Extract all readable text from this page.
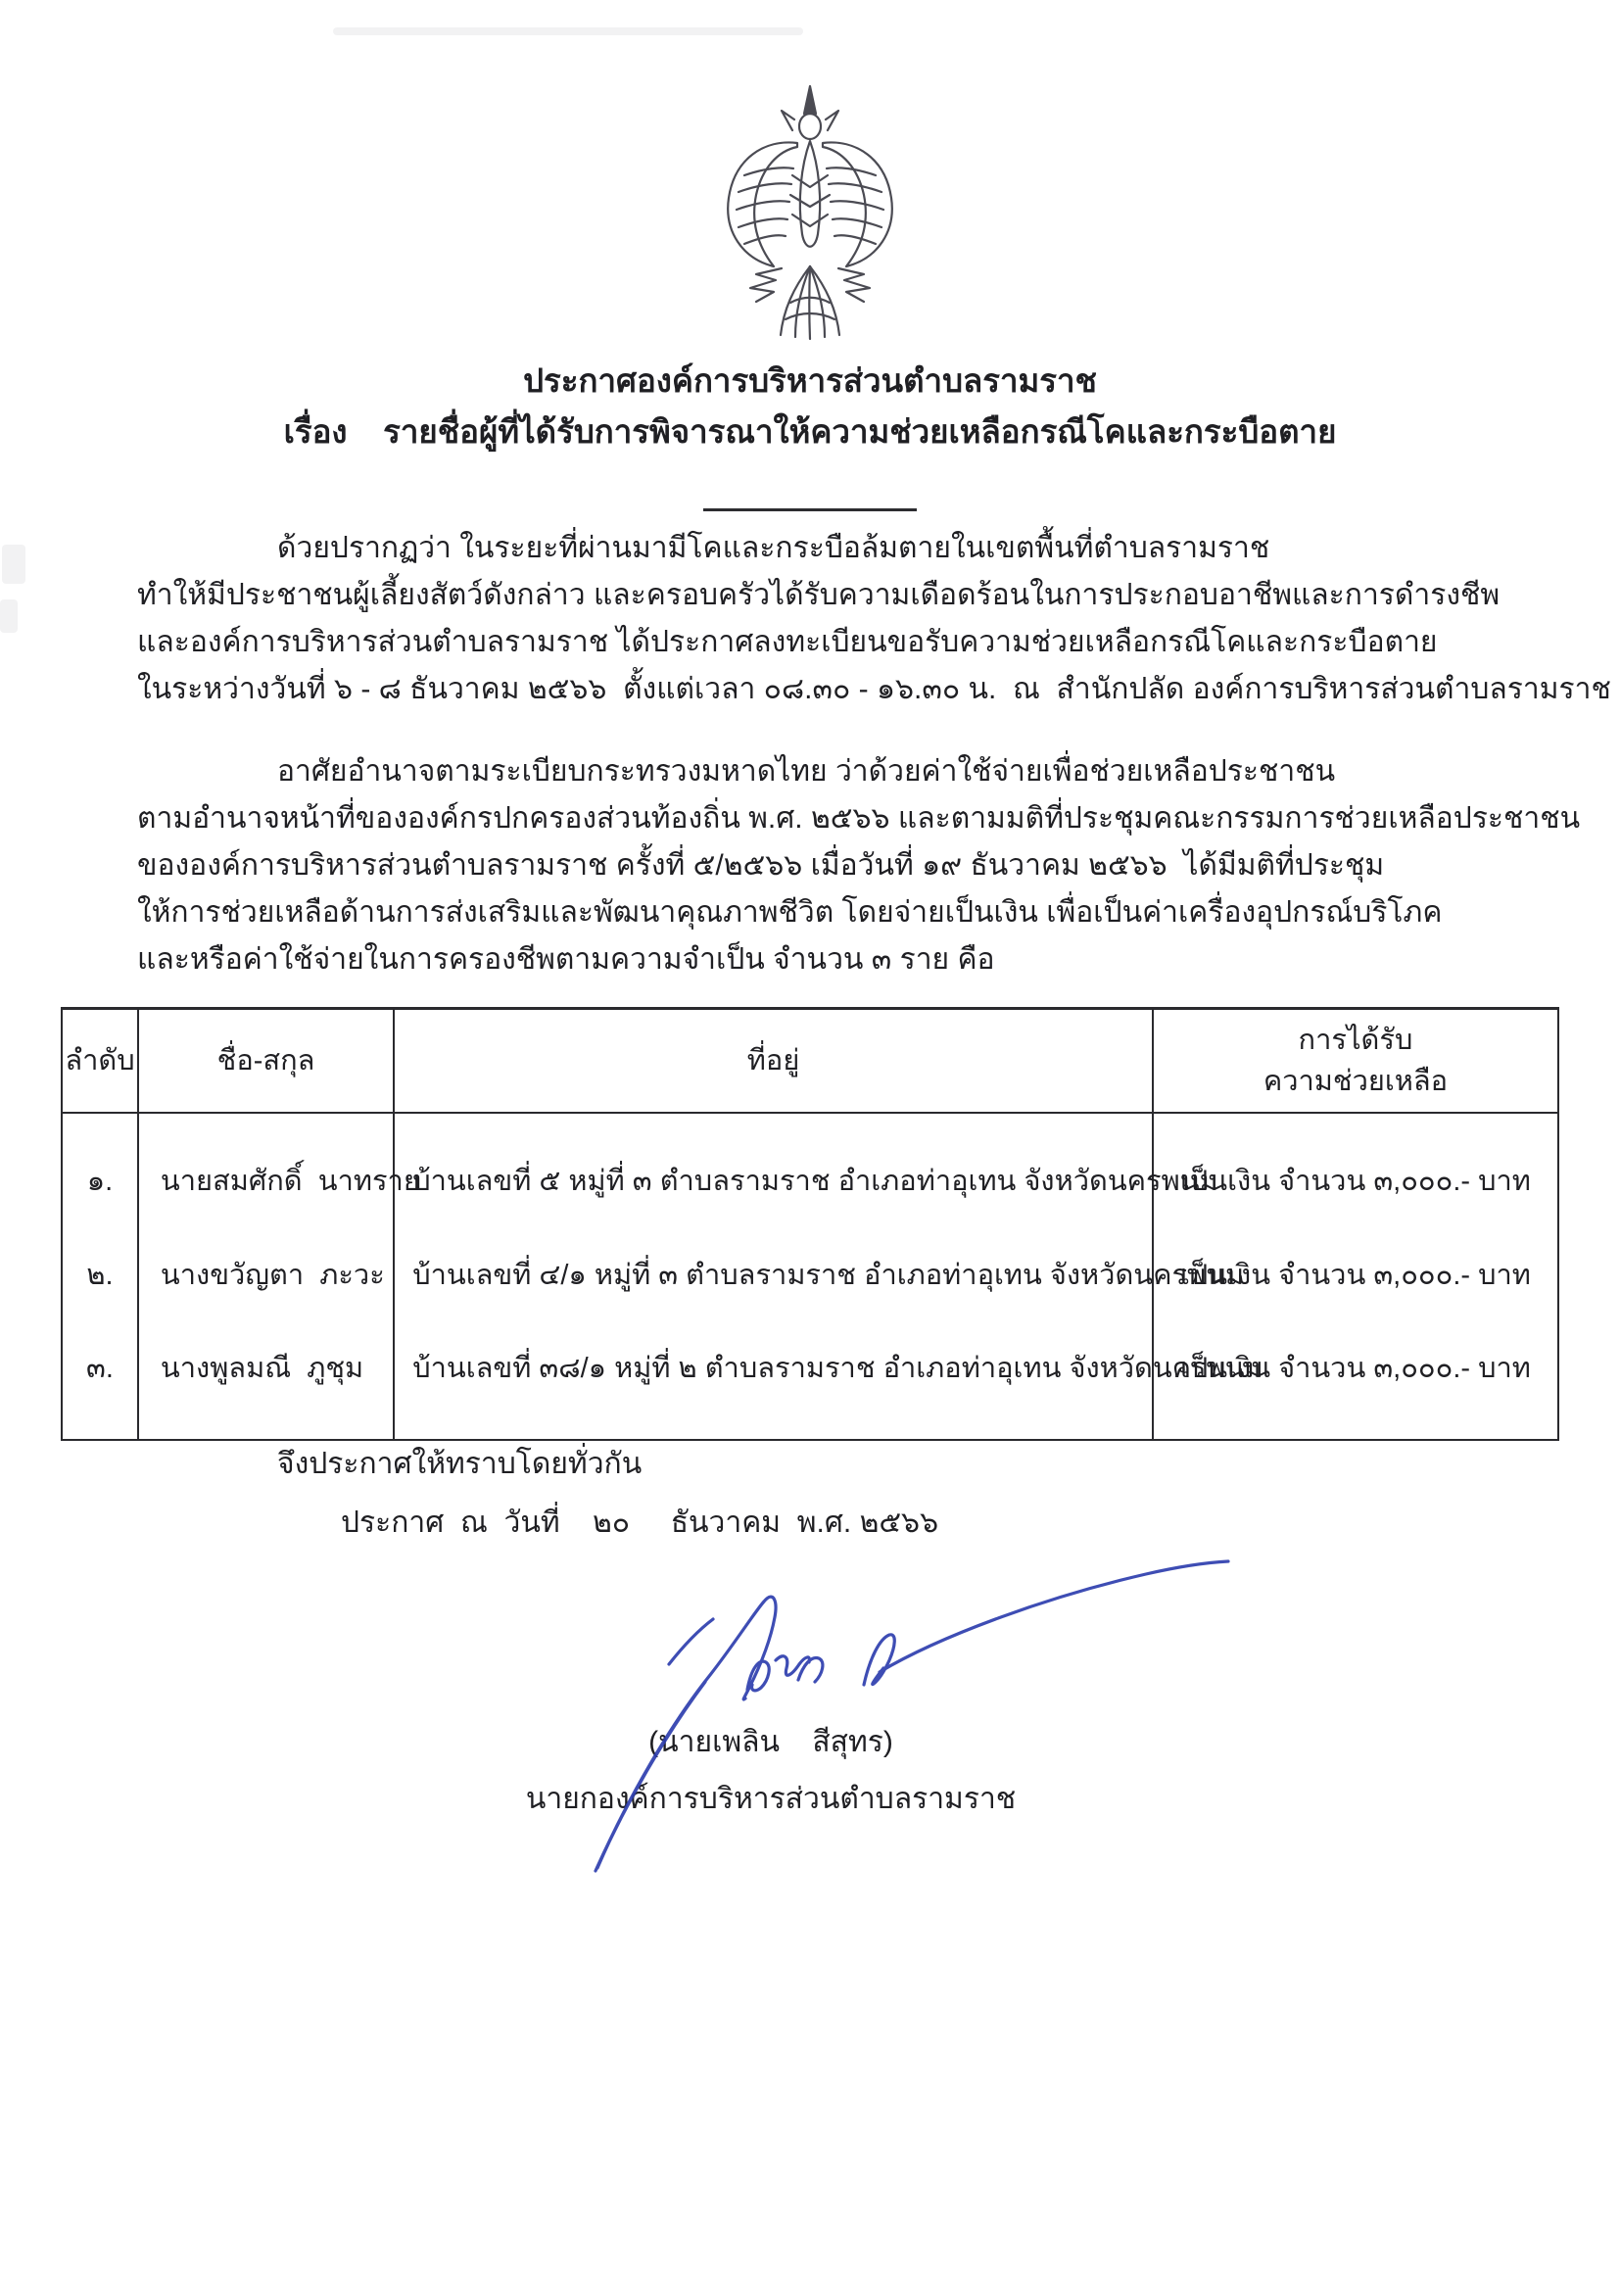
ประกาศองค์การบริหารส่วนตำบลรามราช
เรื่อง    รายชื่อผู้ที่ได้รับการพิจารณาให้ความช่วยเหลือกรณีโคและกระบือตาย
ด้วยปรากฏว่า ในระยะที่ผ่านมามีโคและกระบือล้มตายในเขตพื้นที่ตำบลรามราช
ทำให้มีประชาชนผู้เลี้ยงสัตว์ดังกล่าว และครอบครัวได้รับความเดือดร้อนในการประกอบอาชีพและการดำรงชีพ
และองค์การบริหารส่วนตำบลรามราช ได้ประกาศลงทะเบียนขอรับความช่วยเหลือกรณีโคและกระบือตาย
ในระหว่างวันที่ ๖ - ๘ ธันวาคม ๒๕๖๖  ตั้งแต่เวลา ๐๘.๓๐ - ๑๖.๓๐ น.  ณ  สำนักปลัด องค์การบริหารส่วนตำบลรามราช
อาศัยอำนาจตามระเบียบกระทรวงมหาดไทย ว่าด้วยค่าใช้จ่ายเพื่อช่วยเหลือประชาชน
ตามอำนาจหน้าที่ขององค์กรปกครองส่วนท้องถิ่น พ.ศ. ๒๕๖๖ และตามมติที่ประชุมคณะกรรมการช่วยเหลือประชาชน
ขององค์การบริหารส่วนตำบลรามราช ครั้งที่ ๕/๒๕๖๖ เมื่อวันที่ ๑๙ ธันวาคม ๒๕๖๖  ได้มีมติที่ประชุม
ให้การช่วยเหลือด้านการส่งเสริมและพัฒนาคุณภาพชีวิต โดยจ่ายเป็นเงิน เพื่อเป็นค่าเครื่องอุปกรณ์บริโภค
และหรือค่าใช้จ่ายในการครองชีพตามความจำเป็น จำนวน ๓ ราย คือ
ลำดับ	ชื่อ-สกุล	ที่อยู่	การได้รับ
ความช่วยเหลือ

๑.	นายสมศักดิ์  นาทราย	บ้านเลขที่ ๕ หมู่ที่ ๓ ตำบลรามราช อำเภอท่าอุเทน จังหวัดนครพนม	เป็นเงิน จำนวน ๓,๐๐๐.- บาท
๒.	นางขวัญตา  ภะวะ	บ้านเลขที่ ๔/๑ หมู่ที่ ๓ ตำบลรามราช อำเภอท่าอุเทน จังหวัดนครพนม	เป็นเงิน จำนวน ๓,๐๐๐.- บาท
๓.	นางพูลมณี  ภูชุม	บ้านเลขที่ ๓๘/๑ หมู่ที่ ๒ ตำบลรามราช อำเภอท่าอุเทน จังหวัดนครพนม	เป็นเงิน จำนวน ๓,๐๐๐.- บาท
จึงประกาศให้ทราบโดยทั่วกัน
ประกาศ  ณ  วันที่    ๒๐     ธันวาคม  พ.ศ. ๒๕๖๖
(นายเพลิน    สีสุทร)
นายกองค์การบริหารส่วนตำบลรามราช
